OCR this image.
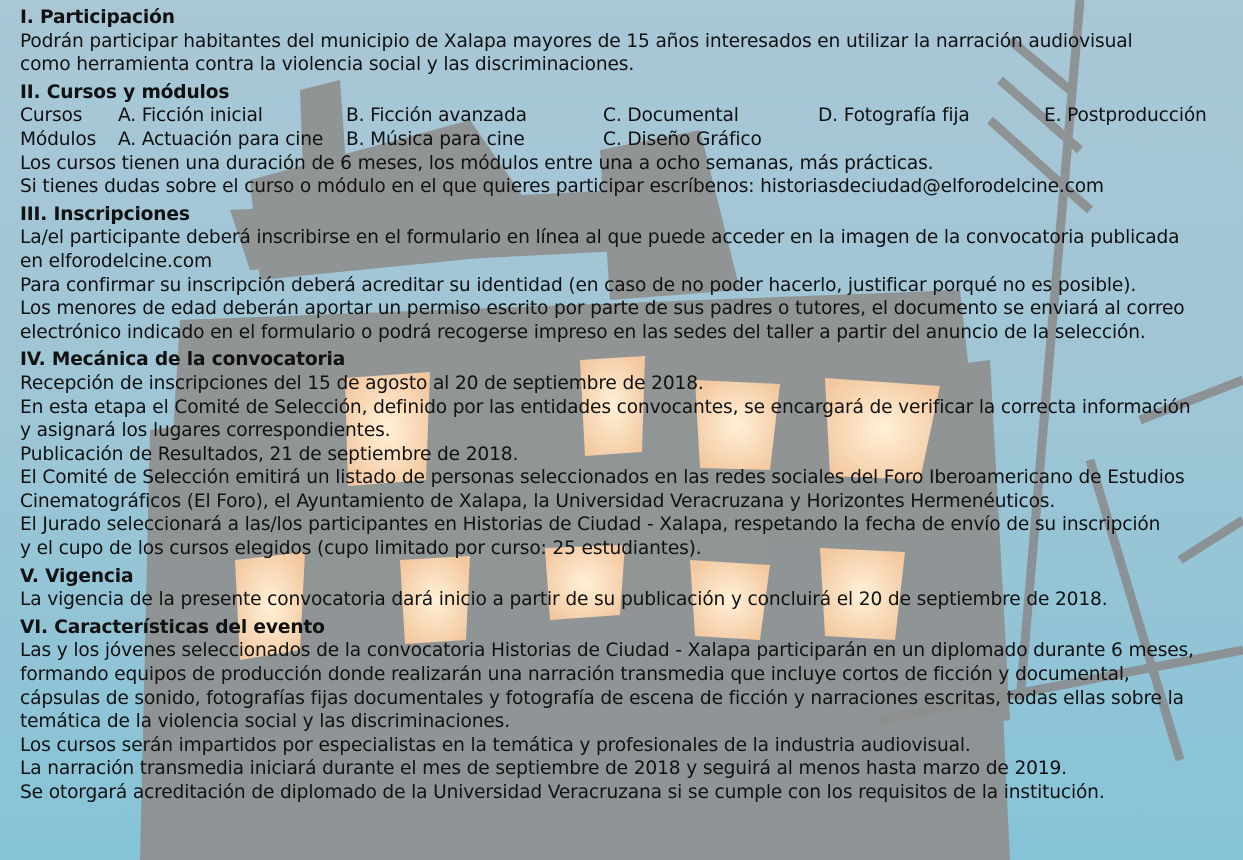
I. Participación
Podrán participar habitantes del municipio de Xalapa mayores de 15 años interesados en utilizar la narración audiovisual
como herramienta contra la violencia social y las discriminaciones.
II. Cursos y módulos
Cursos	A. Ficción inicial	B. Ficción avanzada	C. Documental	D. Fotografía fija	E. Postproducción
Módulos	A. Actuación para cine	B. Música para cine	C. Diseño Gráfico
Los cursos tienen una duración de 6 meses, los módulos entre una a ocho semanas, más prácticas.
Si tienes dudas sobre el curso o módulo en el que quieres participar escríbenos: historiasdeciudad@elforodelcine.com
III. Inscripciones
La/el participante deberá inscribirse en el formulario en línea al que puede acceder en la imagen de la convocatoria publicada
en elforodelcine.com
Para confirmar su inscripción deberá acreditar su identidad (en caso de no poder hacerlo, justificar porqué no es posible).
Los menores de edad deberán aportar un permiso escrito por parte de sus padres o tutores, el documento se enviará al correo
electrónico indicado en el formulario o podrá recogerse impreso en las sedes del taller a partir del anuncio de la selección.
IV. Mecánica de la convocatoria
Recepción de inscripciones del 15 de agosto al 20 de septiembre de 2018.
En esta etapa el Comité de Selección, definido por las entidades convocantes, se encargará de verificar la correcta información
y asignará los lugares correspondientes.
Publicación de Resultados, 21 de septiembre de 2018.
El Comité de Selección emitirá un listado de personas seleccionados en las redes sociales del Foro Iberoamericano de Estudios
Cinematográficos (El Foro), el Ayuntamiento de Xalapa, la Universidad Veracruzana y Horizontes Hermenéuticos.
El Jurado seleccionará a las/los participantes en Historias de Ciudad - Xalapa, respetando la fecha de envío de su inscripción
y el cupo de los cursos elegidos (cupo limitado por curso: 25 estudiantes).
V. Vigencia
La vigencia de la presente convocatoria dará inicio a partir de su publicación y concluirá el 20 de septiembre de 2018.
VI. Características del evento
Las y los jóvenes seleccionados de la convocatoria Historias de Ciudad - Xalapa participarán en un diplomado durante 6 meses,
formando equipos de producción donde realizarán una narración transmedia que incluye cortos de ficción y documental,
cápsulas de sonido, fotografías fijas documentales y fotografía de escena de ficción y narraciones escritas, todas ellas sobre la
temática de la violencia social y las discriminaciones.
Los cursos serán impartidos por especialistas en la temática y profesionales de la industria audiovisual.
La narración transmedia iniciará durante el mes de septiembre de 2018 y seguirá al menos hasta marzo de 2019.
Se otorgará acreditación de diplomado de la Universidad Veracruzana si se cumple con los requisitos de la institución.
